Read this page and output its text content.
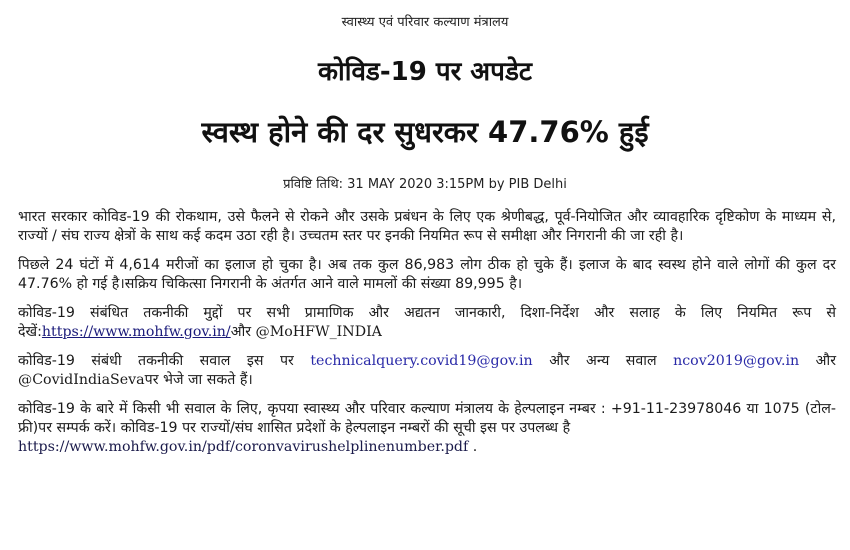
स्वास्थ्य एवं परिवार कल्याण मंत्रालय
कोविड-19 पर अपडेट
स्वस्थ होने की दर सुधरकर 47.76% हुई
प्रविष्टि तिथि: 31 MAY 2020 3:15PM by PIB Delhi

भारत सरकार कोविड-19 की रोकथाम, उसे फैलने से रोकने और उसके प्रबंधन के लिए एक श्रेणीबद्ध, पूर्व-नियोजित और व्यावहारिक दृष्टिकोण के माध्यम से, राज्यों / संघ राज्य क्षेत्रों के साथ कई कदम उठा रही है। उच्चतम स्तर पर इनकी नियमित रूप से समीक्षा और निगरानी की जा रही है।

पिछले 24 घंटों में 4,614 मरीजों का इलाज हो चुका है। अब तक कुल 86,983 लोग ठीक हो चुके हैं। इलाज के बाद स्वस्थ होने वाले लोगों की कुल दर 47.76% हो गई है।सक्रिय चिकित्सा निगरानी के अंतर्गत आने वाले मामलों की संख्या 89,995 है।

कोविड-19 संबंधित तकनीकी मुद्दों पर सभी प्रामाणिक और अद्यतन जानकारी, दिशा-निर्देश और सलाह के लिए नियमित रूप से देखें:https://www.mohfw.gov.in/और @MoHFW_INDIA

कोविड-19 संबंधी तकनीकी सवाल इस पर technicalquery.covid19@gov.in और अन्य सवाल ncov2019@gov.in और @CovidIndiaSevaपर भेजे जा सकते हैं।

कोविड-19 के बारे में किसी भी सवाल के लिए, कृपया स्वास्थ्य और परिवार कल्याण मंत्रालय के हेल्पलाइन नम्बर : +91-11-23978046 या 1075 (टोल-फ्री)पर सम्पर्क करें। कोविड-19 पर राज्यों/संघ शासित प्रदेशों के हेल्पलाइन नम्बरों की सूची इस पर उपलब्ध है
https://www.mohfw.gov.in/pdf/coronvavirushelplinenumber.pdf .
